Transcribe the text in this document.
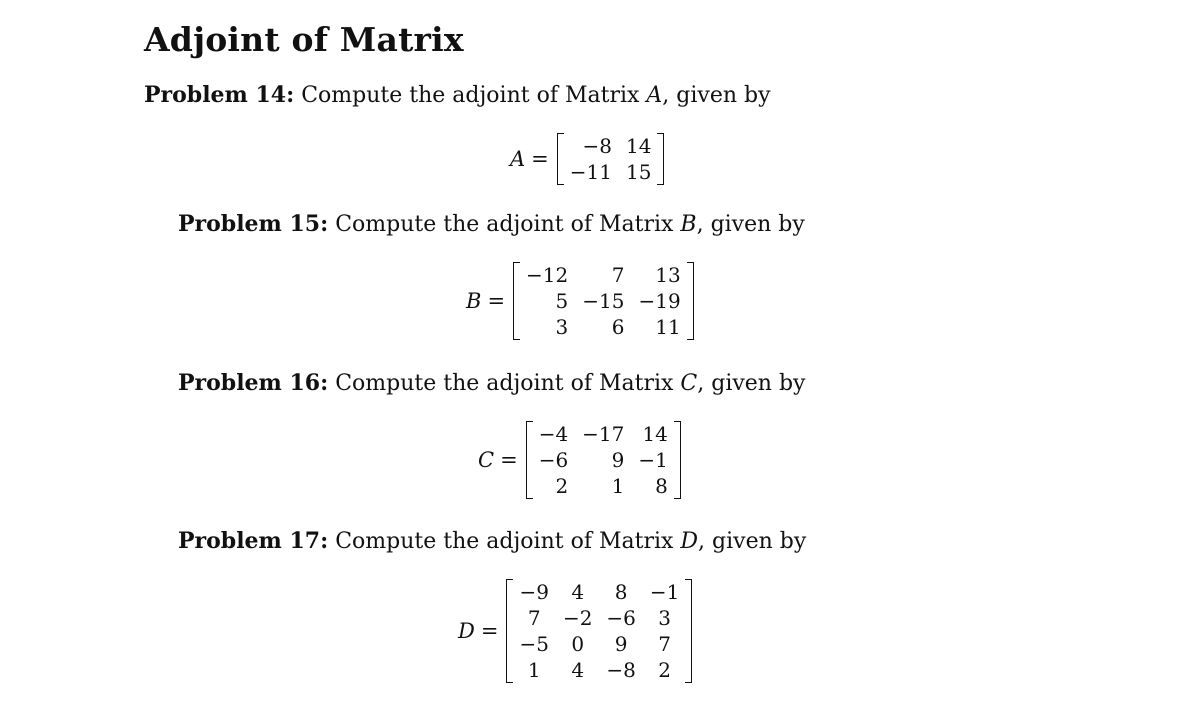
Adjoint of Matrix
Problem 14: Compute the adjoint of Matrix A, given by
A =
−8	14
−11	15
Problem 15: Compute the adjoint of Matrix B, given by
B =
−12	7	13
5	−15	−19
3	6	11
Problem 16: Compute the adjoint of Matrix C, given by
C =
−4	−17	14
−6	9	−1
2	1	8
Problem 17: Compute the adjoint of Matrix D, given by
D =
−9	4	8	−1
7	−2	−6	3
−5	0	9	7
1	4	−8	2
